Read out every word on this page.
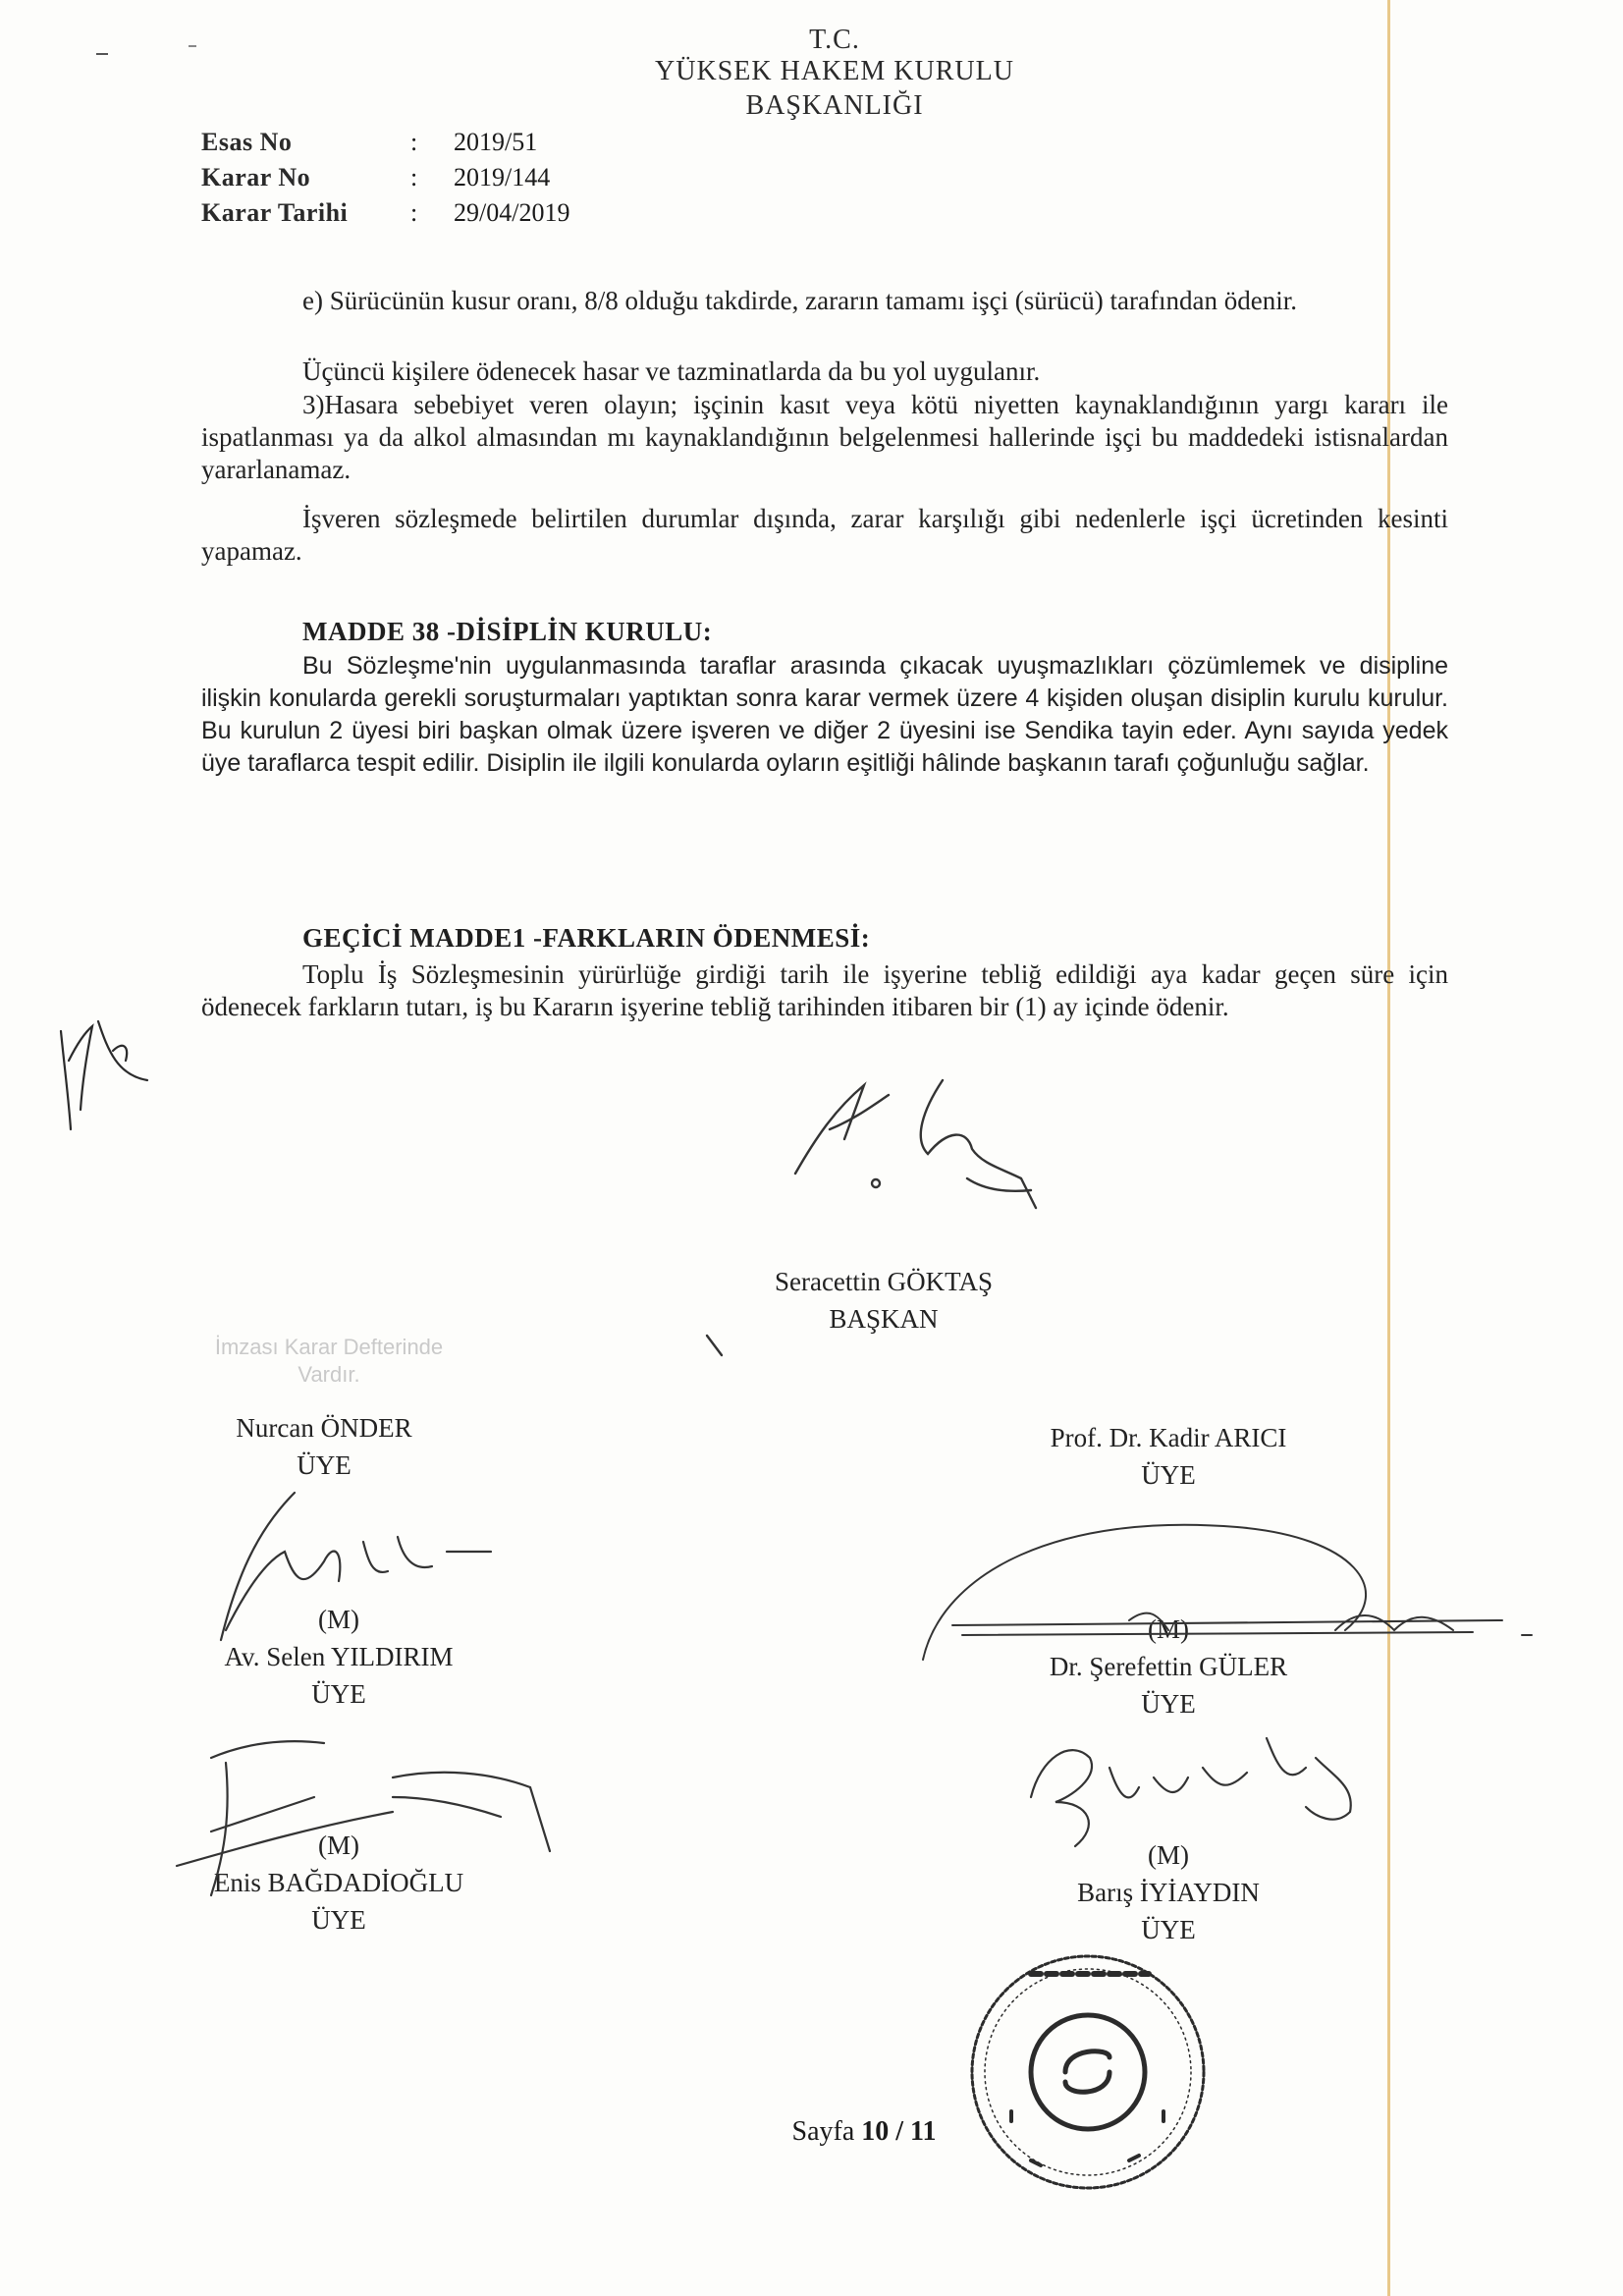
T.C.
YÜKSEK HAKEM KURULU
BAŞKANLIĞI
Esas No	: 2019/51
Karar No	: 2019/144
Karar Tarihi : 29/04/2019
e) Sürücünün kusur oranı, 8/8 olduğu takdirde, zararın tamamı işçi (sürücü) tarafından ödenir.
Üçüncü kişilere ödenecek hasar ve tazminatlarda da bu yol uygulanır.
3)Hasara sebebiyet veren olayın; işçinin kasıt veya kötü niyetten kaynaklandığının yargı kararı ile ispatlanması ya da alkol almasından mı kaynaklandığının belgelenmesi hallerinde işçi bu maddedeki istisnalardan yararlanamaz.
İşveren sözleşmede belirtilen durumlar dışında, zarar karşılığı gibi nedenlerle işçi ücretinden kesinti yapamaz.
MADDE 38 -DİSİPLİN KURULU:
Bu Sözleşme'nin uygulanmasında taraflar arasında çıkacak uyuşmazlıkları çözümlemek ve disipline ilişkin konularda gerekli soruşturmaları yaptıktan sonra karar vermek üzere 4 kişiden oluşan disiplin kurulu kurulur. Bu kurulun 2 üyesi biri başkan olmak üzere işveren ve diğer 2 üyesini ise Sendika tayin eder. Aynı sayıda yedek üye taraflarca tespit edilir. Disiplin ile ilgili konularda oyların eşitliği hâlinde başkanın tarafı çoğunluğu sağlar.
GEÇİCİ MADDE1 -FARKLARIN ÖDENMESİ:
Toplu İş Sözleşmesinin yürürlüğe girdiği tarih ile işyerine tebliğ edildiği aya kadar geçen süre için ödenecek farkların tutarı, iş bu Kararın işyerine tebliğ tarihinden itibaren bir (1) ay içinde ödenir.
İmzası Karar Defterinde
Vardır.
Seracettin GÖKTAŞ
BAŞKAN
Nurcan ÖNDER
ÜYE
Prof. Dr. Kadir ARICI
ÜYE
(M)
Av. Selen YILDIRIM
ÜYE
(M)
Dr. Şerefettin GÜLER
ÜYE
(M)
Enis BAĞDADİOĞLU
ÜYE
(M)
Barış İYİAYDIN
ÜYE
Sayfa 10 / 11
